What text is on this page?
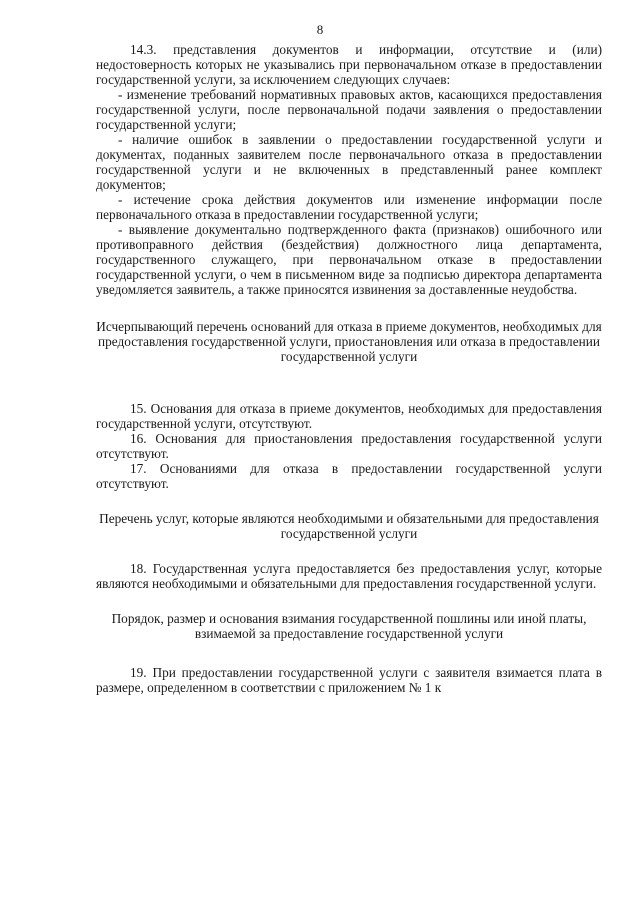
8

14.3. представления документов и информации, отсутствие и (или) недостоверность которых не указывались при первоначальном отказе в предоставлении государственной услуги, за исключением следующих случаев:

- изменение требований нормативных правовых актов, касающихся предоставления государственной услуги, после первоначальной подачи заявления о предоставлении государственной услуги;

- наличие ошибок в заявлении о предоставлении государственной услуги и документах, поданных заявителем после первоначального отказа в предоставлении государственной услуги и не включенных в представленный ранее комплект документов;

- истечение срока действия документов или изменение информации после первоначального отказа в предоставлении государственной услуги;

- выявление документально подтвержденного факта (признаков) ошибочного или противоправного действия (бездействия) должностного лица департамента, государственного служащего, при первоначальном отказе в предоставлении государственной услуги, о чем в письменном виде за подписью директора департамента уведомляется заявитель, а также приносятся извинения за доставленные неудобства.

Исчерпывающий перечень оснований для отказа в приеме документов, необходимых для предоставления государственной услуги, приостановления или отказа в предоставлении государственной услуги

15. Основания для отказа в приеме документов, необходимых для предоставления государственной услуги, отсутствуют.

16. Основания для приостановления предоставления государственной услуги отсутствуют.

17. Основаниями для отказа в предоставлении государственной услуги отсутствуют.

Перечень услуг, которые являются необходимыми и обязательными для предоставления государственной услуги

18. Государственная услуга предоставляется без предоставления услуг, которые являются необходимыми и обязательными для предоставления государственной услуги.

Порядок, размер и основания взимания государственной пошлины или иной платы, взимаемой за предоставление государственной услуги

19. При предоставлении государственной услуги с заявителя взимается плата в размере, определенном в соответствии с приложением № 1 к
